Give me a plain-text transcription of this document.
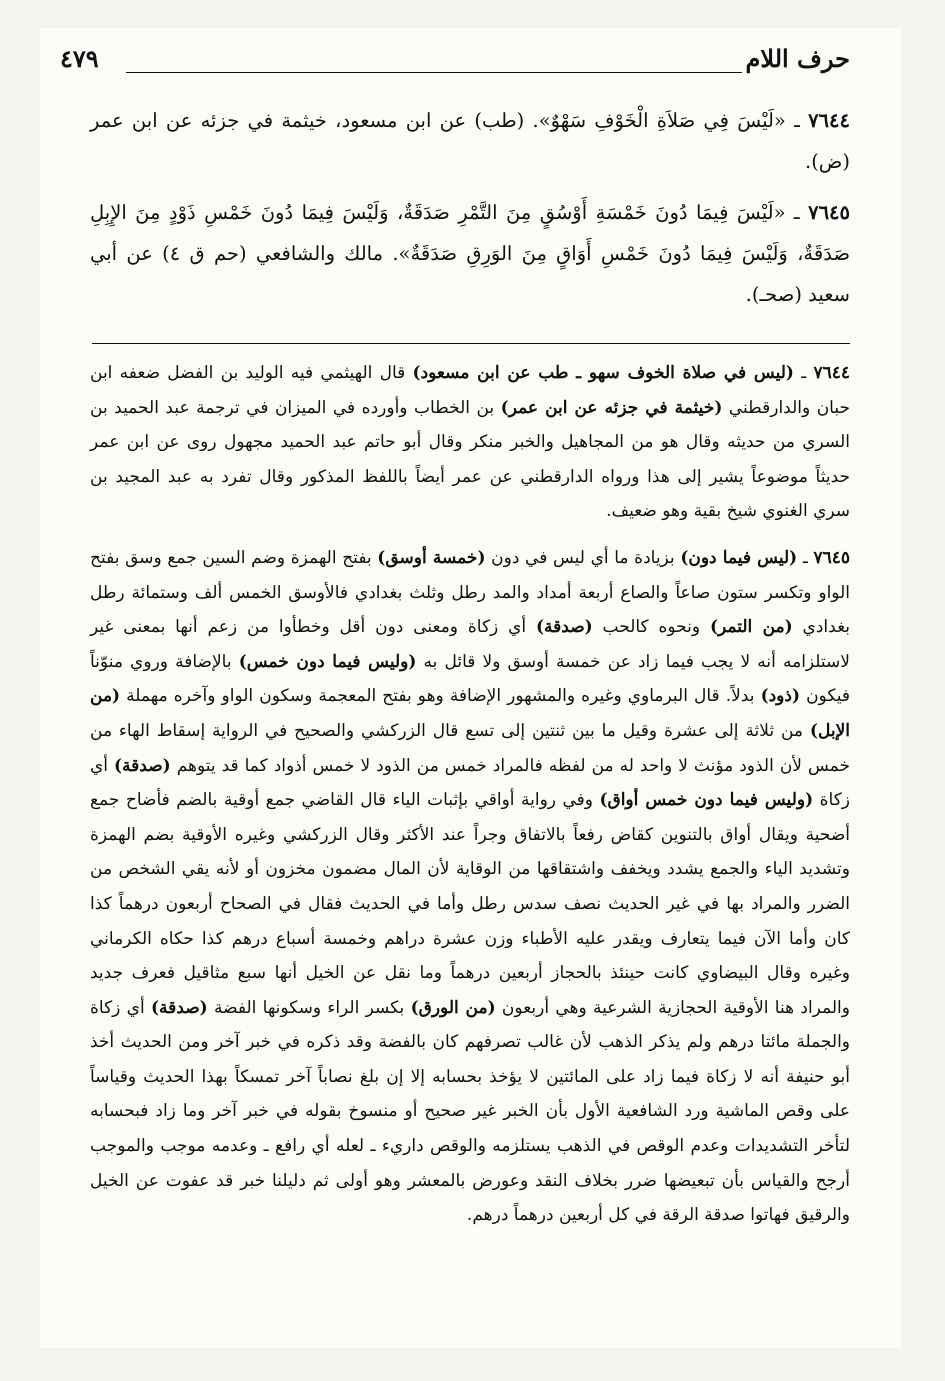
حرف اللام
٤٧٩

٧٦٤٤ ـ «لَيْسَ فِي صَلاَةِ الْخَوْفِ سَهْوٌ». (طب) عن ابن مسعود، خيثمة في جزئه عن ابن عمر (ض).

٧٦٤٥ ـ «لَيْسَ فِيمَا دُونَ خَمْسَةِ أَوْسُقٍ مِنَ التَّمْرِ صَدَقَةٌ، وَلَيْسَ فِيمَا دُونَ خَمْسِ ذَوْدٍ مِنَ الإِبِلِ صَدَقَةٌ، وَلَيْسَ فِيمَا دُونَ خَمْسِ أَوَاقٍ مِنَ الوَرِقِ صَدَقَةٌ». مالك والشافعي (حم ق ٤) عن أبي سعيد (صحـ).

٧٦٤٤ ـ (ليس في صلاة الخوف سهو ـ طب عن ابن مسعود) قال الهيثمي فيه الوليد بن الفضل ضعفه ابن حبان والدارقطني (خيثمة في جزئه عن ابن عمر) بن الخطاب وأورده في الميزان في ترجمة عبد الحميد بن السري من حديثه وقال هو من المجاهيل والخبر منكر وقال أبو حاتم عبد الحميد مجهول روى عن ابن عمر حديثاً موضوعاً يشير إلى هذا ورواه الدارقطني عن عمر أيضاً باللفظ المذكور وقال تفرد به عبد المجيد بن سري الغنوي شيخ بقية وهو ضعيف.

٧٦٤٥ ـ (ليس فيما دون) بزيادة ما أي ليس في دون (خمسة أوسق) بفتح الهمزة وضم السين جمع وسق بفتح الواو وتكسر ستون صاعاً والصاع أربعة أمداد والمد رطل وثلث بغدادي فالأوسق الخمس ألف وستمائة رطل بغدادي (من التمر) ونحوه كالحب (صدقة) أي زكاة ومعنى دون أقل وخطأوا من زعم أنها بمعنى غير لاستلزامه أنه لا يجب فيما زاد عن خمسة أوسق ولا قائل به (وليس فيما دون خمس) بالإضافة وروي منوّناً فيكون (ذود) بدلاً. قال البرماوي وغيره والمشهور الإضافة وهو بفتح المعجمة وسكون الواو وآخره مهملة (من الإبل) من ثلاثة إلى عشرة وقيل ما بين ثنتين إلى تسع قال الزركشي والصحيح في الرواية إسقاط الهاء من خمس لأن الذود مؤنث لا واحد له من لفظه فالمراد خمس من الذود لا خمس أذواد كما قد يتوهم (صدقة) أي زكاة (وليس فيما دون خمس أواق) وفي رواية أواقي بإثبات الياء قال القاضي جمع أوقية بالضم فأضاح جمع أضحية ويقال أواق بالتنوين كقاض رفعاً بالاتفاق وجراً عند الأكثر وقال الزركشي وغيره الأوقية بضم الهمزة وتشديد الياء والجمع يشدد ويخفف واشتقاقها من الوقاية لأن المال مضمون مخزون أو لأنه يقي الشخص من الضرر والمراد بها في غير الحديث نصف سدس رطل وأما في الحديث فقال في الصحاح أربعون درهماً كذا كان وأما الآن فيما يتعارف ويقدر عليه الأطباء وزن عشرة دراهم وخمسة أسباع درهم كذا حكاه الكرماني وغيره وقال البيضاوي كانت حينئذ بالحجاز أربعين درهماً وما نقل عن الخيل أنها سبع مثاقيل فعرف جديد والمراد هنا الأوقية الحجازية الشرعية وهي أربعون (من الورق) بكسر الراء وسكونها الفضة (صدقة) أي زكاة والجملة مائتا درهم ولم يذكر الذهب لأن غالب تصرفهم كان بالفضة وقد ذكره في خبر آخر ومن الحديث أخذ أبو حنيفة أنه لا زكاة فيما زاد على المائتين لا يؤخذ بحسابه إلا إن بلغ نصاباً آخر تمسكاً بهذا الحديث وقياساً على وقص الماشية ورد الشافعية الأول بأن الخبر غير صحيح أو منسوخ بقوله في خبر آخر وما زاد فبحسابه لتأخر التشديدات وعدم الوقص في الذهب يستلزمه والوقص داريء ـ لعله أي رافع ـ وعدمه موجب والموجب أرجح والقياس بأن تبعيضها ضرر بخلاف النقد وعورض بالمعشر وهو أولى ثم دليلنا خبر قد عفوت عن الخيل والرقيق فهاتوا صدقة الرقة في كل أربعين درهماً درهم.
